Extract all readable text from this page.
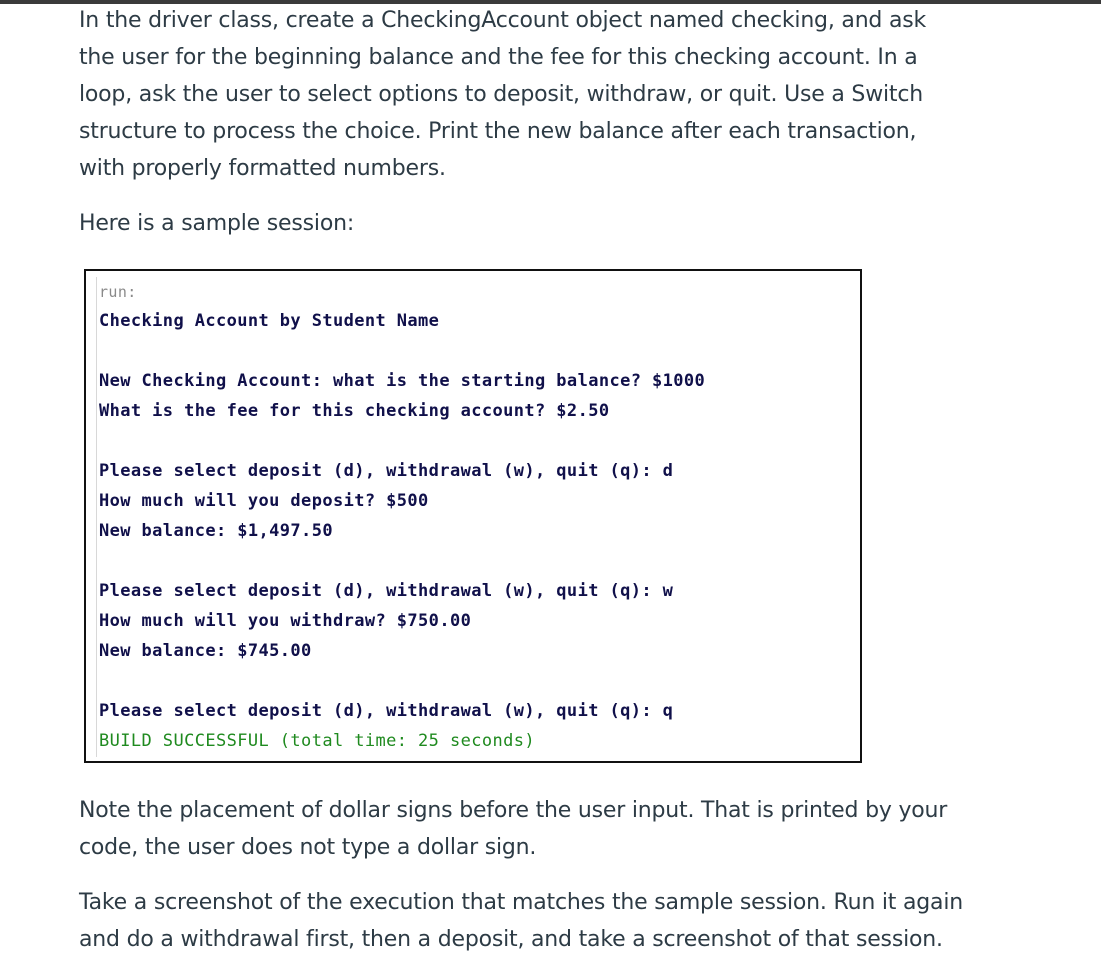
In the driver class, create a CheckingAccount object named checking, and ask
the user for the beginning balance and the fee for this checking account. In a
loop, ask the user to select options to deposit, withdraw, or quit. Use a Switch
structure to process the choice. Print the new balance after each transaction,
with properly formatted numbers.

Here is a sample session:

Note the placement of dollar signs before the user input. That is printed by your
code, the user does not type a dollar sign.

Take a screenshot of the execution that matches the sample session. Run it again
and do a withdrawal first, then a deposit, and take a screenshot of that session.

run:
Checking Account by Student Name
New Checking Account: what is the starting balance? $1000
What is the fee for this checking account? $2.50
Please select deposit (d), withdrawal (w), quit (q): d
How much will you deposit? $500
New balance: $1,497.50
Please select deposit (d), withdrawal (w), quit (q): w
How much will you withdraw? $750.00
New balance: $745.00
Please select deposit (d), withdrawal (w), quit (q): q
BUILD SUCCESSFUL (total time: 25 seconds)
